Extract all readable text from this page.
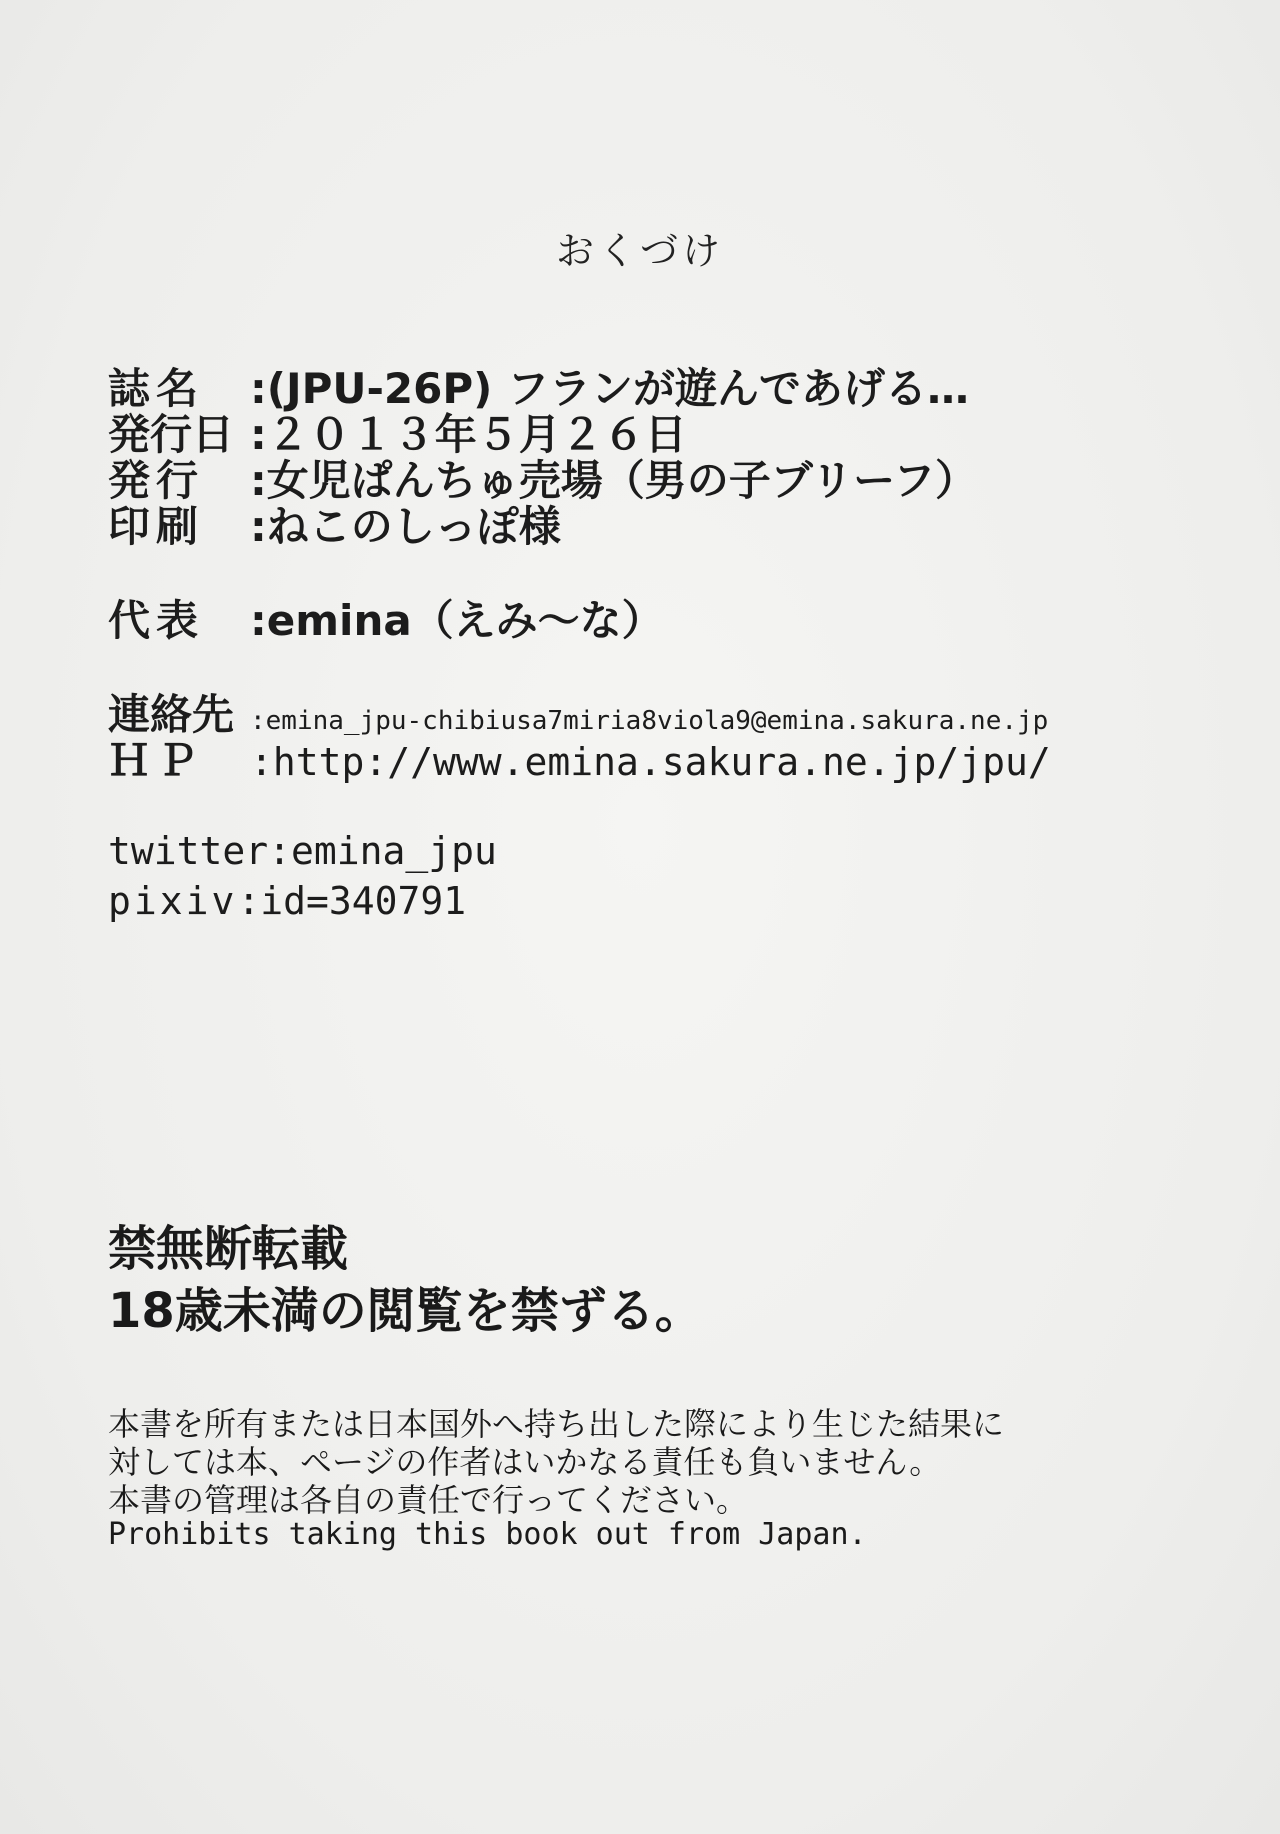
おくづけ
誌名 :(JPU-26P) フランが遊んであげる…
発行日 :２０１３年５月２６日
発行 :女児ぱんちゅ売場（男の子ブリーフ）
印刷 :ねこのしっぽ様
代表 :emina（えみ～な）
連絡先 :emina_jpu-chibiusa7miria8viola9@emina.sakura.ne.jp
ＨＰ :http://www.emina.sakura.ne.jp/jpu/
twitter:emina_jpu
pixiv:id=340791
禁無断転載
18歳未満の閲覧を禁ずる。
本書を所有または日本国外へ持ち出した際により生じた結果に
対しては本、ページの作者はいかなる責任も負いません。
本書の管理は各自の責任で行ってください。
Prohibits taking this book out from Japan.
